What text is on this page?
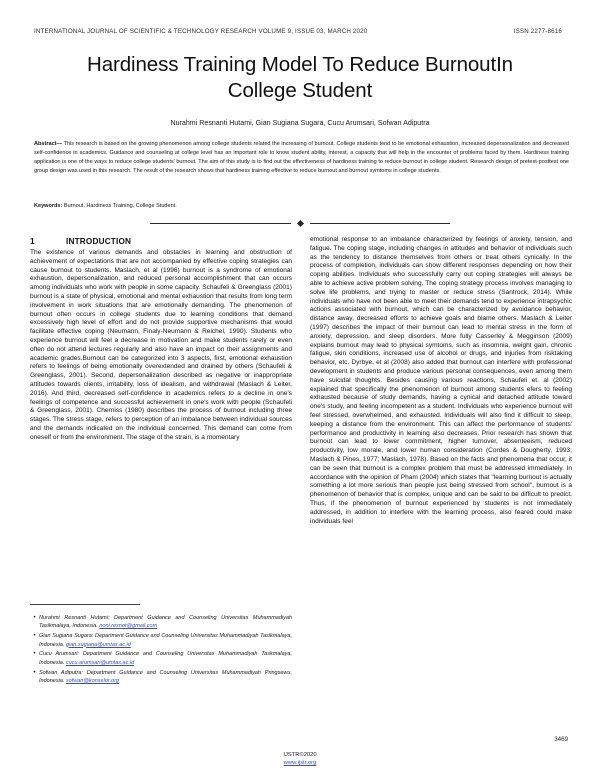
INTERNATIONAL JOURNAL OF SCIENTIFIC & TECHNOLOGY RESEARCH VOLUME 9, ISSUE 03, MARCH 2020	ISSN 2277-8616
Hardiness Training Model To Reduce BurnoutIn College Student
Nurahmi Resnanti Hutami, Gian Sugiana Sugara, Cucu Arumsari, Sofwan Adiputra
Abstract— This research is based on the growing phenomenon among college students related the increasing of burnout. College students tend to be emotional exhaustion, increased depersonalization and decreased self-confidence in academics. Guidance and counseling at college level has an important role to know student ability, interest, a capacity that will help in the encounter of problems faced by them. Hardiness training application is one of the ways to reduce college students' burnout. The aim of this study is to find out the effectiveness of hardiness training to reduce burnout in college student. Research design of pretest-posttest one group design was used in this research. The result of the research shows that hardiness training effective to reduce burnout and burnout symtoms in college students.
Keywords: Burnout, Hardiness Training, College Student.
1	INTRODUCTION

The existence of various demands and obstacles in learning and obstruction of achievement of expectations that are not accompanied by effective coping strategies can cause burnout to students. Maslach, et al (1996) burnout is a syndrome of emotional exhaustion, depersonalization, and reduced personal accomplishment that can occurs among individuals who work with people in some capacity. Schaufeli & Greenglass (2001) burnout is a state of physical, emotional and mental exhaustion that results from long term involvement in work situations that are emotionally demanding. The phenomenon of burnout often occurs in college students due to learning conditions that demand excessively high level of effort and do not provide supportive mechanisms that would facilitate effective coping (Neumann, Finaly-Neumann & Reichel, 1990). Students who experience burnout will feel a decrease in motivation and make students rarely or even often do not attend lectures regularly and also have an impact on their assignments and academic grades.Burnout can be categorized into 3 aspects, first, emotional exhaustion refers to feelings of being emotionally overextended and drained by others (Schaufeli & Greenglass, 2001). Second, depersonalization described as negative or inappropriate attitudes towards clients, irritability, loss of idealism, and withdrawal (Maslach & Leiter, 2016). And third, decreased self-confidence in academics refers to a decline in one's feelings of competence and successful achievement in one's work with people (Schaufeli & Greenglass, 2001). Cherniss (1980) describes the process of burnout including three stages. The stress stage, refers to perception of an imbalance between individual sources and the demands indicated on the individual concerned. This demand can come from oneself or from the environment. The stage of the strain, is a momentary

emotional response to an imbalance characterized by feelings of anxiety, tension, and fatigue. The coping stage, including changes in attitudes and behavior of individuals such as the tendency to distance themselves from others or treat others cynically. In the process of completion, individuals can show different responses depending on how their coping abilities. Individuals who successfully carry out coping strategies will always be able to achieve active problem solving. The coping strategy process involves managing to solve life problems, and trying to master or reduce stress (Santrock, 2014). While individuals who have not been able to meet their demands tend to experience intrapsychic actions associated with burnout, which can be characterized by avoidance behavior, distance away, decreased efforts to achieve goals and blame others. Maslach & Leiter (1997) describes the impact of their burnout can lead to mental stress in the form of anxiety, depression, and sleep disorders. More fully Casserley & Megginson (2009) explains burnout may lead to physical symtoms, such as insomnia, weight gain, chronic fatigue, skin conditions, increased use of alcohol or drugs, and injuries from risktaking behavior, etc. Dyrbye, et al (2008) also added that burnout can interfere with professional development in students and produce various personal consequences, even among them have suicidal thoughts. Besides causing various reactions, Schaufeli et. al (2002) explained that specifically the phenomenon of burnout among students efers to feeling exhausted because of study demands, having a cynical and detached attitude toward one's study, and feeling incompetent as a student. Individuals who experience burnout will feel stressed, overwhelmed, and exhausted. Individuals will also find it difficult to sleep, keeping a distance from the environment. This can affect the performance of students' performance and productivity in learning also decreases. Prior research has shown that burnout can lead to lower commitment, higher turnover, absenteeism, reduced productivity, low morale, and lower human consideration (Cordes & Dougherty, 1993; Maslach & Pines, 1977; Maslach, 1978). Based on the facts and phenomena that occur, it can be seen that burnout is a complex problem that must be addressed immediately. In accordance with the opinion of Pham (2004) which states that "learning burnout is actually something a lot more serious than people just being stressed from school", burnout is a phenomenon of behavior that is complex, unique and can be said to be difficult to predict. Thus, if the phenomenon of burnout experienced by students is not immediately addressed, in addition to interfere with the learning process, also feared could make individuals feel

• Nurahmi Resnanti Hutami: Department Guidance and Counseling Universitas Muhammadiyah Tasikmalaya, Indonesia. noni.resnot@gmail.com
• Gian Sugiana Sugara: Department Guidance and Counseling Universitas Muhammadiyah Tasikmalaya, Indonesia. gian.sugiana@umtas.ac.id
• Cucu Arumsari: Department Guidance and Counseling Universitas Muhammadiyah Taskmalaya, Indonesia. cucu.arumsari@umtas.ac.id
• Sofwan Adiputra: Department Guidance and Counseling Universitas Muhammadiyah Pringsewu, Indonesia. sofwan@konselor.org
3469
IJSTR©2020
www.ijstr.org
